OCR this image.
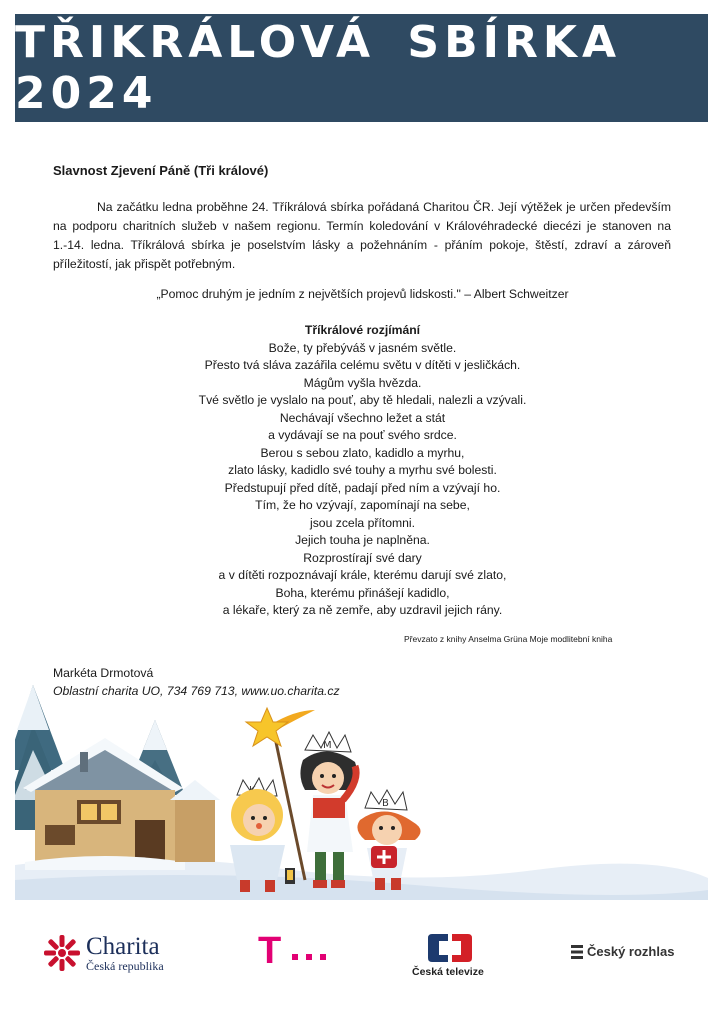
TŘIKRÁLOVÁ SBÍRKA 2024
Slavnost Zjevení Páně (Tři králové)

Na začátku ledna proběhne 24. Tříkrálová sbírka pořádaná Charitou ČR. Její výtěžek je určen především na podporu charitních služeb v našem regionu. Termín koledování v Královéhradecké diecézi je stanoven na 1.-14. ledna. Tříkrálová sbírka je poselstvím lásky a požehnáním - přáním pokoje, štěstí, zdraví a zároveň příležitostí, jak přispět potřebným.

„Pomoc druhým je jedním z největších projevů lidskosti." – Albert Schweitzer
Tříkrálové rozjímání
Bože, ty přebýváš v jasném světle.
Přesto tvá sláva zazářila celému světu v dítěti v jesličkách.
Mágům vyšla hvězda.
Tvé světlo je vyslalo na pouť, aby tě hledali, nalezli a vzývali.
Nechávají všechno ležet a stát
a vydávají se na pouť svého srdce.
Berou s sebou zlato, kadidlo a myrhu,
zlato lásky, kadidlo své touhy a myrhu své bolesti.
Předstupují před dítě, padají před ním a vzývají ho.
Tím, že ho vzývají, zapomínají na sebe,
jsou zcela přítomni.
Jejich touha je naplněna.
Rozprostírají své dary
a v dítěti rozpoznávají krále, kterému darují své zlato,
Boha, kterému přinášejí kadidlo,
a lékaře, který za ně zemře, aby uzdravil jejich rány.
Převzato z knihy Anselma Grüna Moje modlitební kniha
Markéta Drmotová
Oblastní charita UO, 734 769 713, www.uo.charita.cz
M
B
Charita
Česká republika T	Česká televize
Český rozhlas
